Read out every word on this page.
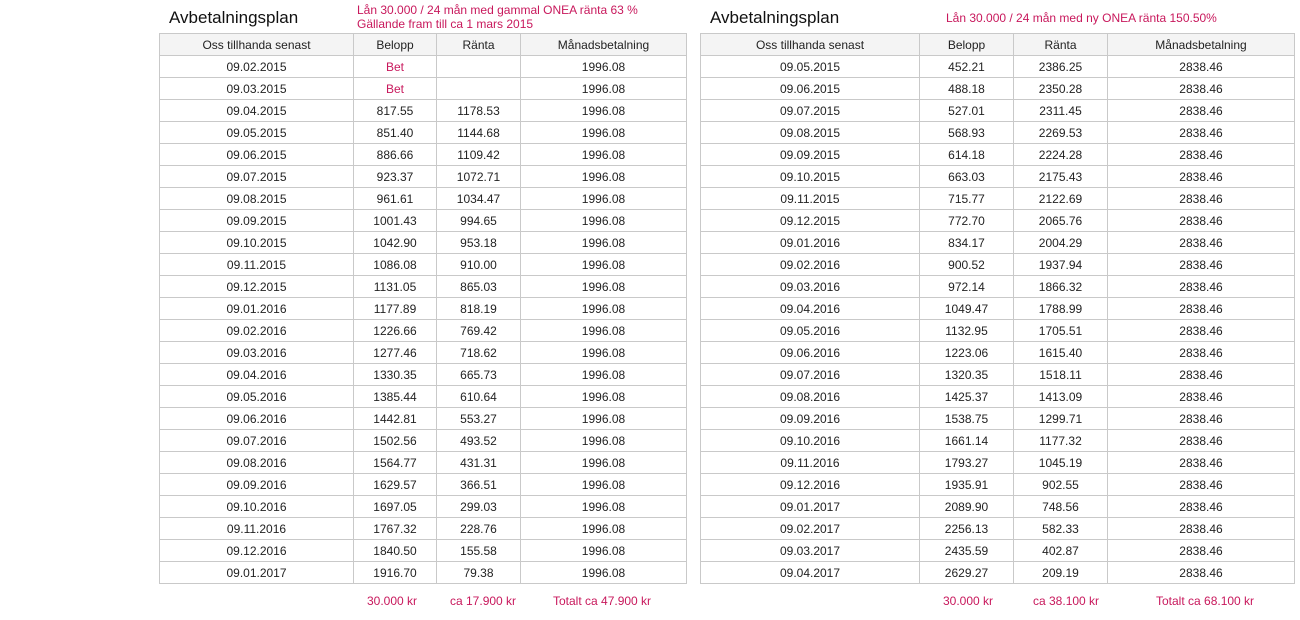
Avbetalningsplan	Lån 30.000 / 24 mån med gammal ONEA ränta 63 %
Gällande fram till ca 1 mars 2015
Oss tillhanda senast	Belopp	Ränta	Månadsbetalning
09.02.2015	Bet		1996.08
09.03.2015	Bet		1996.08
09.04.2015	817.55	1178.53	1996.08
09.05.2015	851.40	1144.68	1996.08
09.06.2015	886.66	1109.42	1996.08
09.07.2015	923.37	1072.71	1996.08
09.08.2015	961.61	1034.47	1996.08
09.09.2015	1001.43	994.65	1996.08
09.10.2015	1042.90	953.18	1996.08
09.11.2015	1086.08	910.00	1996.08
09.12.2015	1131.05	865.03	1996.08
09.01.2016	1177.89	818.19	1996.08
09.02.2016	1226.66	769.42	1996.08
09.03.2016	1277.46	718.62	1996.08
09.04.2016	1330.35	665.73	1996.08
09.05.2016	1385.44	610.64	1996.08
09.06.2016	1442.81	553.27	1996.08
09.07.2016	1502.56	493.52	1996.08
09.08.2016	1564.77	431.31	1996.08
09.09.2016	1629.57	366.51	1996.08
09.10.2016	1697.05	299.03	1996.08
09.11.2016	1767.32	228.76	1996.08
09.12.2016	1840.50	155.58	1996.08
09.01.2017	1916.70	79.38	1996.08
30.000 kr	ca 17.900 kr	Totalt ca 47.900 kr
Avbetalningsplan	Lån 30.000 / 24 mån med ny ONEA ränta 150.50%
Oss tillhanda senast	Belopp	Ränta	Månadsbetalning
09.05.2015	452.21	2386.25	2838.46
09.06.2015	488.18	2350.28	2838.46
09.07.2015	527.01	2311.45	2838.46
09.08.2015	568.93	2269.53	2838.46
09.09.2015	614.18	2224.28	2838.46
09.10.2015	663.03	2175.43	2838.46
09.11.2015	715.77	2122.69	2838.46
09.12.2015	772.70	2065.76	2838.46
09.01.2016	834.17	2004.29	2838.46
09.02.2016	900.52	1937.94	2838.46
09.03.2016	972.14	1866.32	2838.46
09.04.2016	1049.47	1788.99	2838.46
09.05.2016	1132.95	1705.51	2838.46
09.06.2016	1223.06	1615.40	2838.46
09.07.2016	1320.35	1518.11	2838.46
09.08.2016	1425.37	1413.09	2838.46
09.09.2016	1538.75	1299.71	2838.46
09.10.2016	1661.14	1177.32	2838.46
09.11.2016	1793.27	1045.19	2838.46
09.12.2016	1935.91	902.55	2838.46
09.01.2017	2089.90	748.56	2838.46
09.02.2017	2256.13	582.33	2838.46
09.03.2017	2435.59	402.87	2838.46
09.04.2017	2629.27	209.19	2838.46
30.000 kr	ca 38.100 kr	Totalt ca 68.100 kr
